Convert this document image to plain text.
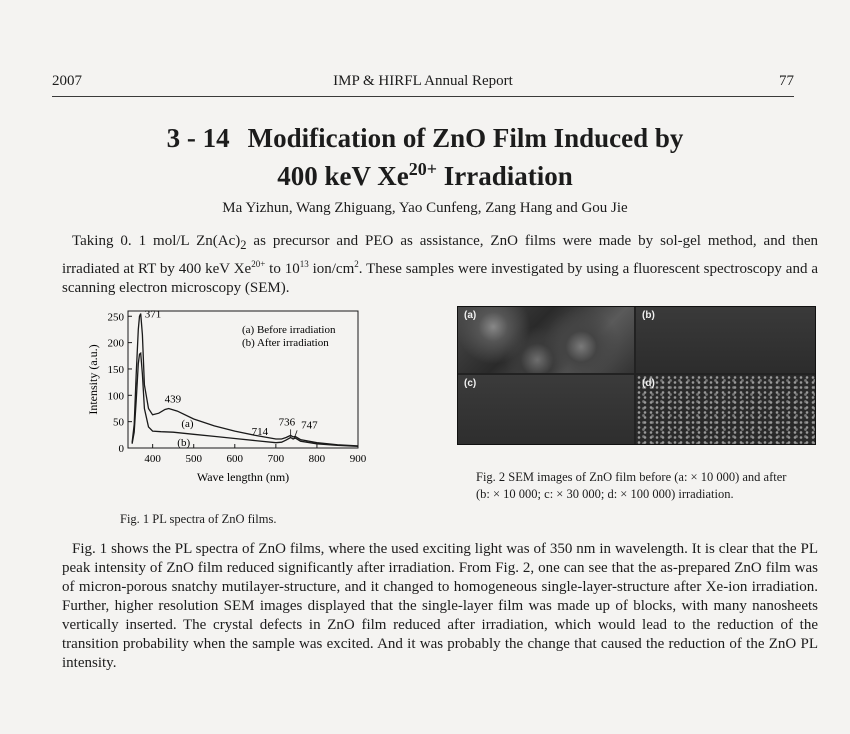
2007	IMP & HIRFL Annual Report	77
3 - 14 Modification of ZnO Film Induced by
400 keV $Xe^{20+}$ Irradiation
Ma Yizhun, Wang Zhiguang, Yao Cunfeng, Zang Hang and Gou Jie

Taking 0. 1 mol/L $Zn(Ac)_2$ as precursor and PEO as assistance, ZnO films were made by sol-gel method, and then irradiated at RT by 400 keV $Xe^{20+}$ to $10^{13}$ ion/$cm^2$. These samples were investigated by using a fluorescent spectroscopy and a scanning electron microscopy (SEM).

400 500 600 700 800 900
0
50
100
150
200
250
Wave lengthn (nm)
Intensity (a.u.)
(a)
(b)
371
439
714
736 747
(a) Before irradiation
(b) After irradiation
Fig. 1 PL spectra of ZnO films.
(a)	(b)
(c)	(d)

Fig. 2 SEM images of ZnO film before (a: × 10 000) and after (b: × 10 000; c: × 30 000; d: × 100 000) irradiation.

Fig. 1 shows the PL spectra of ZnO films, where the used exciting light was of 350 nm in wavelength. It is clear that the PL peak intensity of ZnO film reduced significantly after irradiation. From Fig. 2, one can see that the as-prepared ZnO film was of micron-porous snatchy mutilayer-structure, and it changed to homogeneous single-layer-structure after Xe-ion irradiation. Further, higher resolution SEM images displayed that the single-layer film was made up of blocks, with many nanosheets vertically inserted. The crystal defects in ZnO film reduced after irradiation, which would lead to the reduction of the transition probability when the sample was excited. And it was probably the change that caused the reduction of the ZnO PL intensity.
